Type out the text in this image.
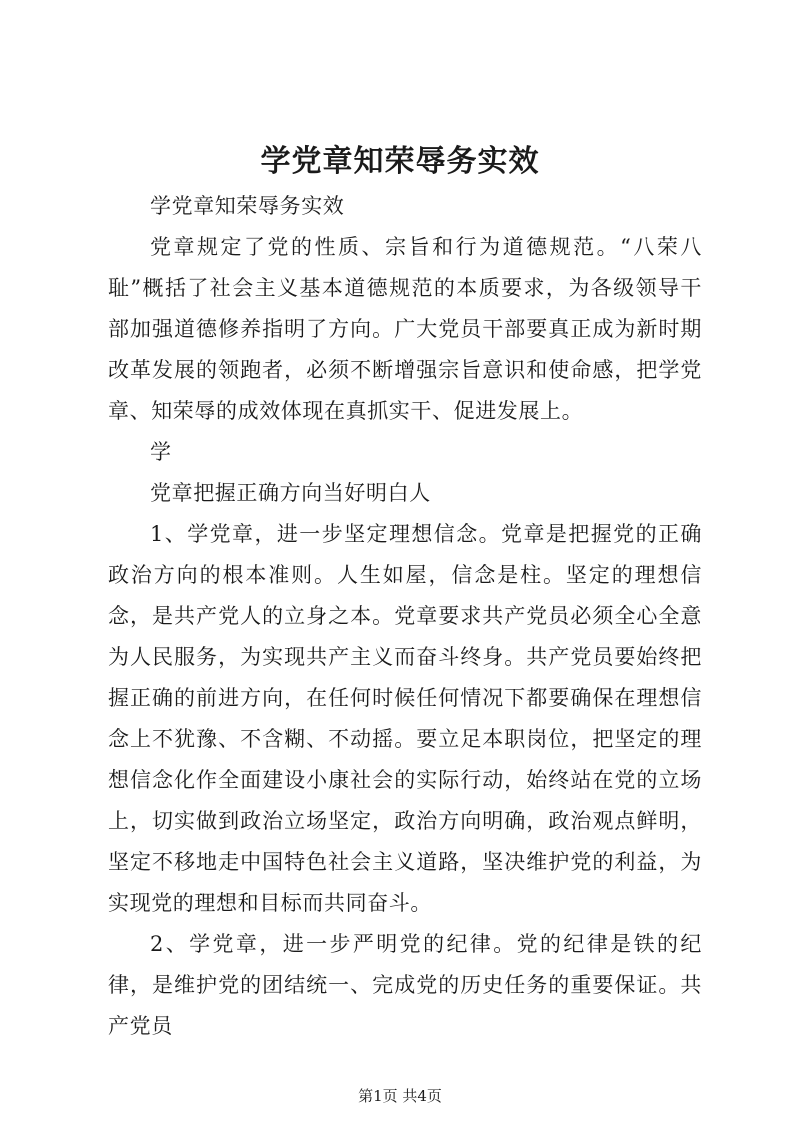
学党章知荣辱务实效

学党章知荣辱务实效

党章规定了党的性质、宗旨和行为道德规范。“八荣八耻”概括了社会主义基本道德规范的本质要求，为各级领导干部加强道德修养指明了方向。广大党员干部要真正成为新时期改革发展的领跑者，必须不断增强宗旨意识和使命感，把学党章、知荣辱的成效体现在真抓实干、促进发展上。

学

党章把握正确方向当好明白人

1、学党章，进一步坚定理想信念。党章是把握党的正确政治方向的根本准则。人生如屋，信念是柱。坚定的理想信念，是共产党人的立身之本。党章要求共产党员必须全心全意为人民服务，为实现共产主义而奋斗终身。共产党员要始终把握正确的前进方向，在任何时候任何情况下都要确保在理想信念上不犹豫、不含糊、不动摇。要立足本职岗位，把坚定的理想信念化作全面建设小康社会的实际行动，始终站在党的立场上，切实做到政治立场坚定，政治方向明确，政治观点鲜明，坚定不移地走中国特色社会主义道路，坚决维护党的利益，为实现党的理想和目标而共同奋斗。

2、学党章，进一步严明党的纪律。党的纪律是铁的纪律，是维护党的团结统一、完成党的历史任务的重要保证。共产党员

第1页 共4页
